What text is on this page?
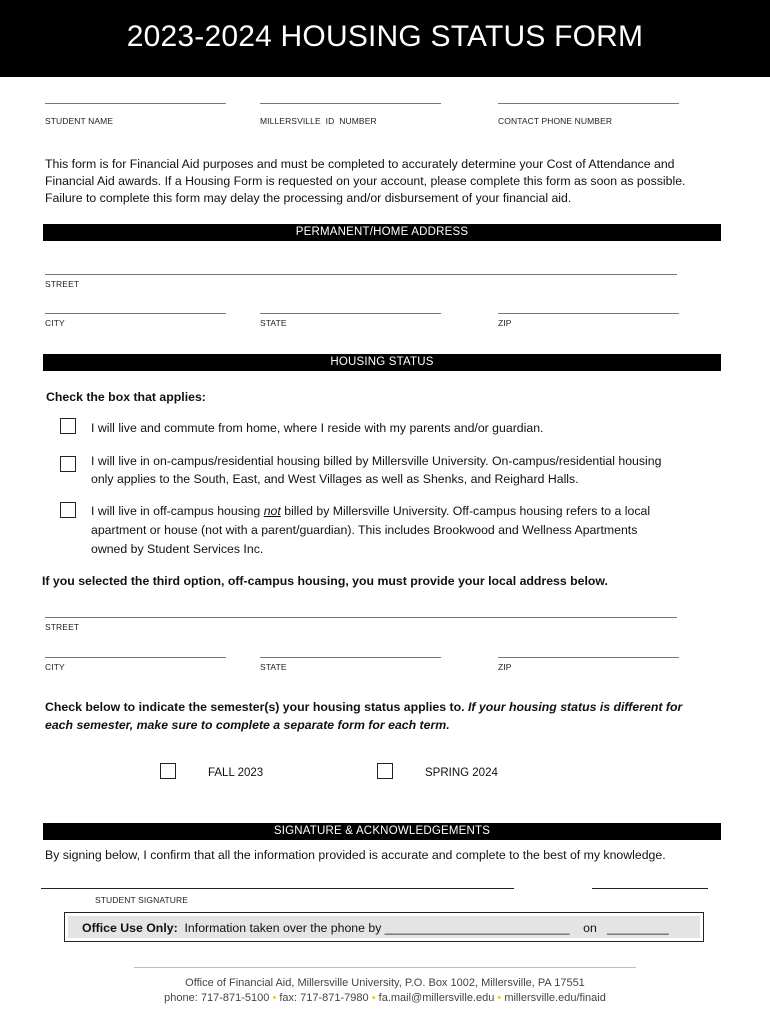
2023-2024 HOUSING STATUS FORM
STUDENT NAME	MILLERSVILLE  ID  NUMBER	CONTACT PHONE NUMBER
This form is for Financial Aid purposes and must be completed to accurately determine your Cost of Attendance and
Financial Aid awards. If a Housing Form is requested on your account, please complete this form as soon as possible.
Failure to complete this form may delay the processing and/or disbursement of your financial aid.
PERMANENT/HOME ADDRESS
STREET
CITY	STATE	ZIP
HOUSING STATUS
Check the box that applies:
I will live and commute from home, where I reside with my parents and/or guardian.
I will live in on-campus/residential housing billed by Millersville University. On-campus/residential housing
only applies to the South, East, and West Villages as well as Shenks, and Reighard Halls.
I will live in off-campus housing not billed by Millersville University. Off-campus housing refers to a local
apartment or house (not with a parent/guardian). This includes Brookwood and Wellness Apartments
owned by Student Services Inc.
If you selected the third option, off-campus housing, you must provide your local address below.
STREET
CITY	STATE	ZIP
Check below to indicate the semester(s) your housing status applies to. If your housing status is different for
each semester, make sure to complete a separate form for each term.
FALL 2023	SPRING 2024
SIGNATURE & ACKNOWLEDGEMENTS
By signing below, I confirm that all the information provided is accurate and complete to the best of my knowledge.
STUDENT SIGNATURE
Office Use Only: Information taken over the phone by ___________________________    on   _________
Office of Financial Aid, Millersville University, P.O. Box 1002, Millersville, PA 17551
phone: 717-871-5100 • fax: 717-871-7980 • fa.mail@millersville.edu • millersville.edu/finaid
